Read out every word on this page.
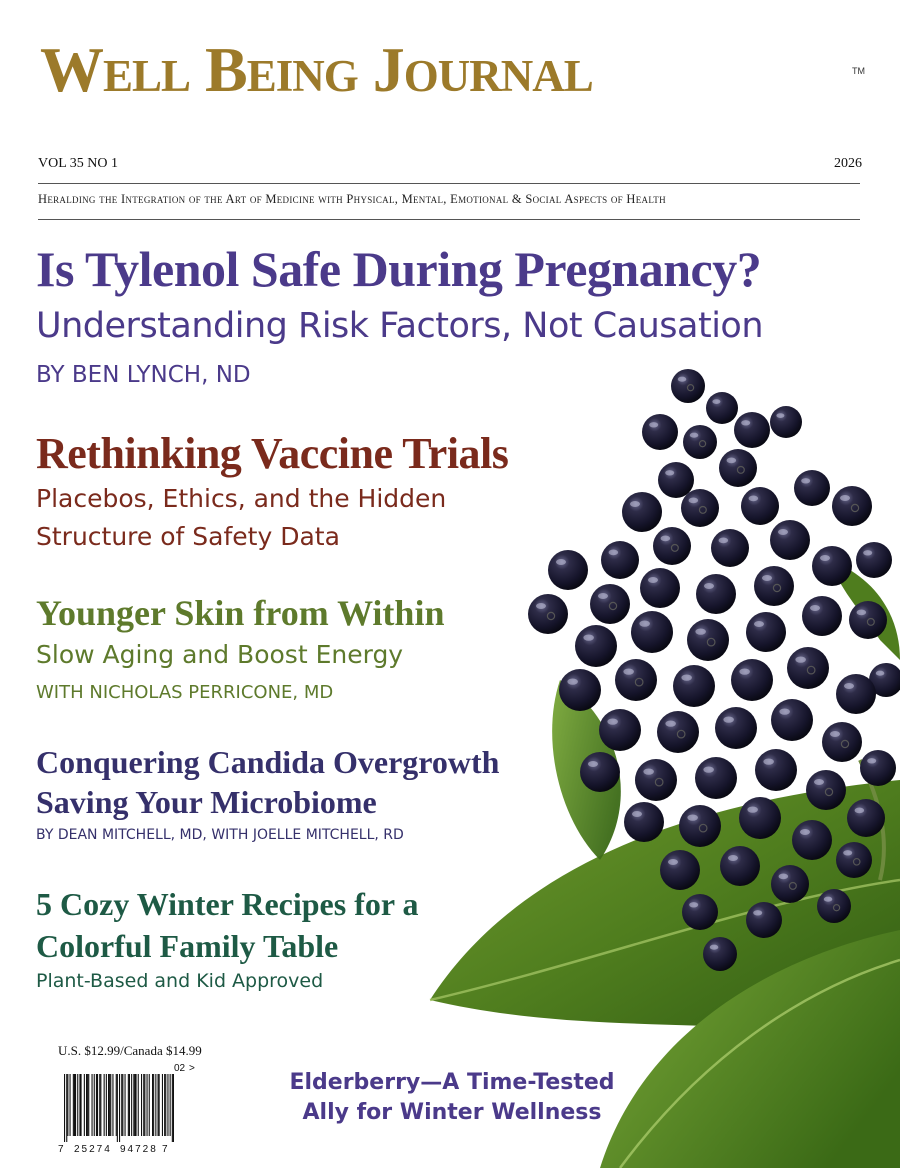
Well Being Journal	TM
VOL 35 NO 1	2026
Heralding the Integration of the Art of Medicine with Physical, Mental, Emotional & Social Aspects of Health
Is Tylenol Safe During Pregnancy?
Understanding Risk Factors, Not Causation
BY BEN LYNCH, ND
Rethinking Vaccine Trials
Placebos, Ethics, and the Hidden
Structure of Safety Data
Younger Skin from Within
Slow Aging and Boost Energy
WITH NICHOLAS PERRICONE, MD
Conquering Candida Overgrowth
Saving Your Microbiome
BY DEAN MITCHELL, MD, WITH JOELLE MITCHELL, RD
5 Cozy Winter Recipes for a
Colorful Family Table
Plant-Based and Kid Approved
U.S. $12.99/Canada $14.99
02 >
7 25274 94728 7
Elderberry—A Time-Tested
Ally for Winter Wellness
